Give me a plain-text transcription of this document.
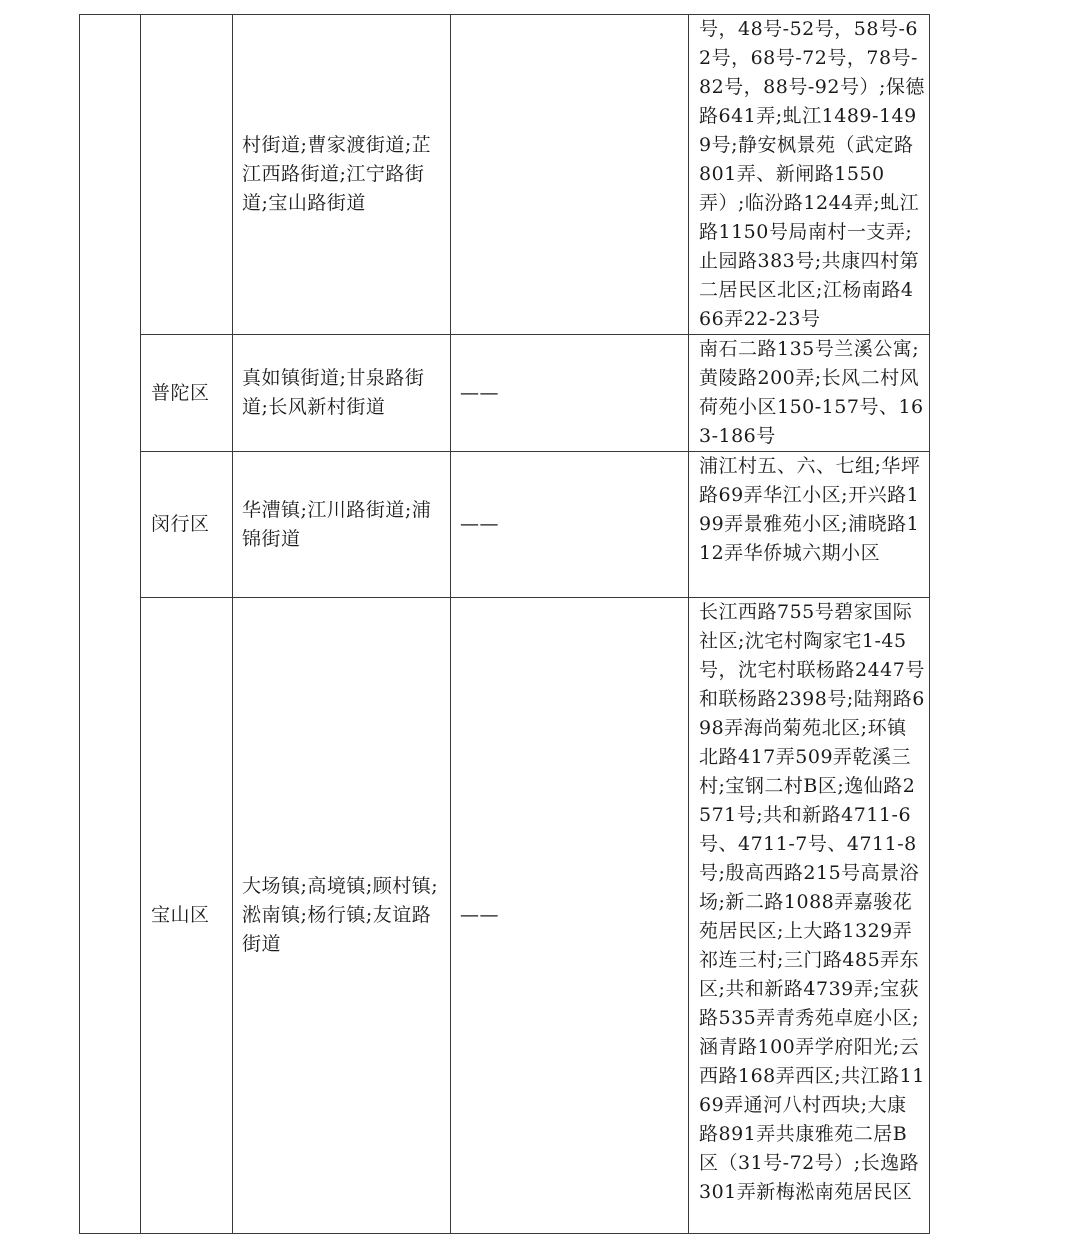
		村街道;曹家渡街道;芷江西路街道;江宁路街道;宝山路街道		号，48号-52号，58号-62号，68号-72号，78号-82号，88号-92号）;保德路641弄;虬江1489-1499号;静安枫景苑（武定路801弄、新闸路1550弄）;临汾路1244弄;虬江路1150号局南村一支弄;止园路383号;共康四村第二居民区北区;江杨南路466弄22-23号
	普陀区	真如镇街道;甘泉路街道;长风新村街道	——	南石二路135号兰溪公寓;黄陵路200弄;长风二村风荷苑小区150-157号、163-186号
	闵行区	华漕镇;江川路街道;浦锦街道	——	浦江村五、六、七组;华坪路69弄华江小区;开兴路199弄景雅苑小区;浦晓路112弄华侨城六期小区
	宝山区	大场镇;高境镇;顾村镇;淞南镇;杨行镇;友谊路街道	——	长江西路755号碧家国际社区;沈宅村陶家宅1-45号，沈宅村联杨路2447号和联杨路2398号;陆翔路698弄海尚菊苑北区;环镇北路417弄509弄乾溪三村;宝钢二村B区;逸仙路2571号;共和新路4711-6号、4711-7号、4711-8号;殷高西路215号高景浴场;新二路1088弄嘉骏花苑居民区;上大路1329弄祁连三村;三门路485弄东区;共和新路4739弄;宝荻路535弄青秀苑卓庭小区;涵青路100弄学府阳光;云西路168弄西区;共江路1169弄通河八村西块;大康路891弄共康雅苑二居B区（31号-72号）;长逸路301弄新梅淞南苑居民区
